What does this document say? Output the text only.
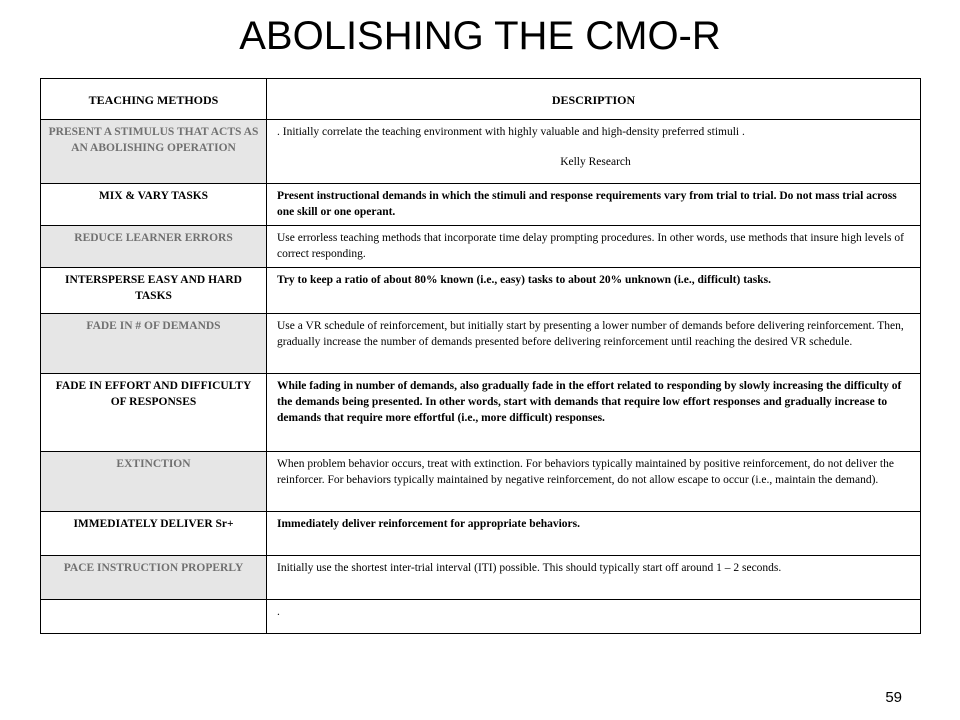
ABOLISHING THE CMO-R
TEACHING METHODS	DESCRIPTION
PRESENT A STIMULUS THAT ACTS AS AN ABOLISHING OPERATION	. Initially correlate the teaching environment with highly valuable and high-density preferred stimuli .
Kelly Research

MIX & VARY TASKS	Present instructional demands in which the stimuli and response requirements vary from trial to trial. Do not mass trial across one skill or one operant.
REDUCE LEARNER ERRORS	Use errorless teaching methods that incorporate time delay prompting procedures. In other words, use methods that insure high levels of correct responding.
INTERSPERSE EASY AND HARD TASKS	Try to keep a ratio of about 80% known (i.e., easy) tasks to about 20% unknown (i.e., difficult) tasks.
FADE IN # OF DEMANDS	Use a VR schedule of reinforcement, but initially start by presenting a lower number of demands before delivering reinforcement. Then, gradually increase the number of demands presented before delivering reinforcement until reaching the desired VR schedule.
FADE IN EFFORT AND DIFFICULTY OF RESPONSES	While fading in number of demands, also gradually fade in the effort related to responding by slowly increasing the difficulty of the demands being presented. In other words, start with demands that require low effort responses and gradually increase to demands that require more effortful (i.e., more difficult) responses.
EXTINCTION	When problem behavior occurs, treat with extinction. For behaviors typically maintained by positive reinforcement, do not deliver the reinforcer. For behaviors typically maintained by negative reinforcement, do not allow escape to occur (i.e., maintain the demand).
IMMEDIATELY DELIVER Sr+	Immediately deliver reinforcement for appropriate behaviors.
PACE INSTRUCTION PROPERLY	Initially use the shortest inter-trial interval (ITI) possible. This should typically start off around 1 – 2 seconds.
	.
59
